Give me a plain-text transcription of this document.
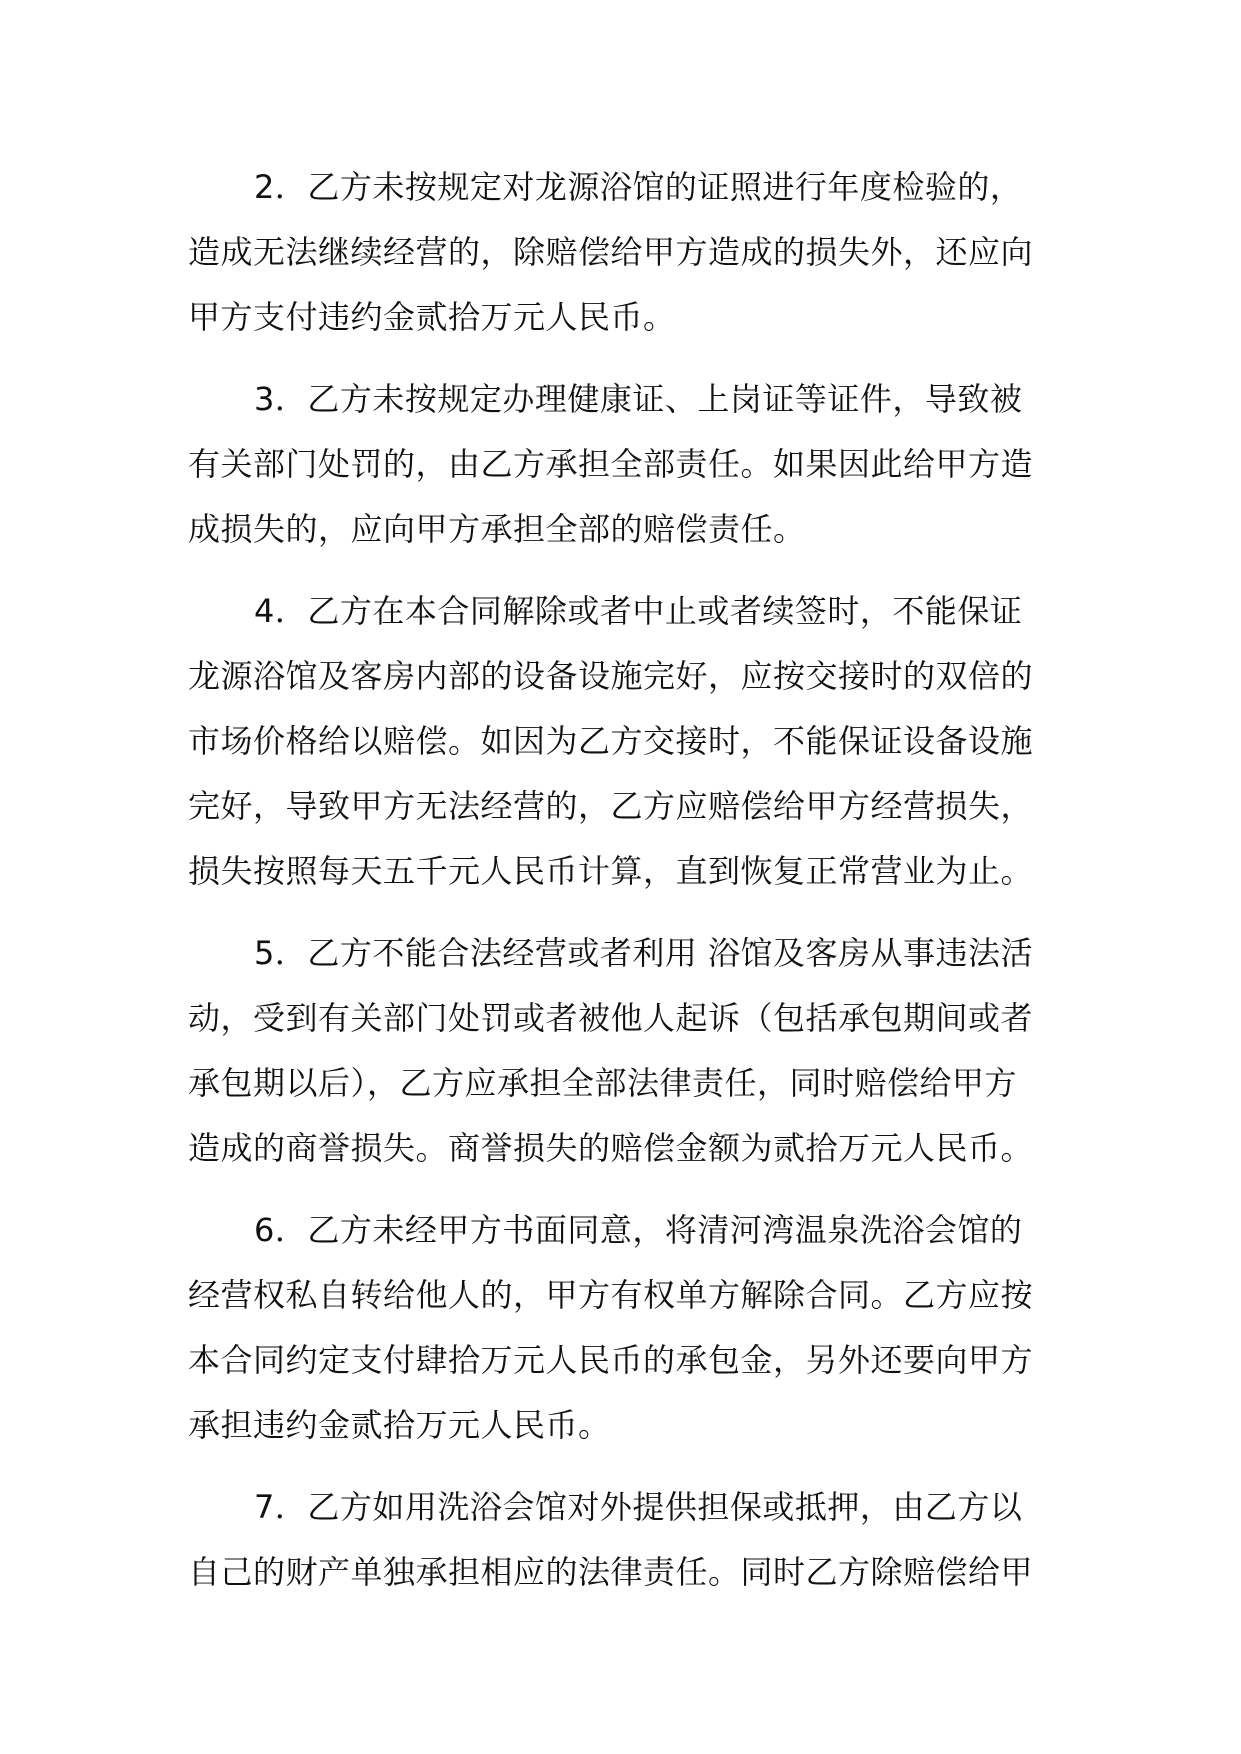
2．乙方未按规定对龙源浴馆的证照进行年度检验的，
造成无法继续经营的，除赔偿给甲方造成的损失外，还应向
甲方支付违约金贰拾万元人民币。
3．乙方未按规定办理健康证、上岗证等证件，导致被
有关部门处罚的，由乙方承担全部责任。如果因此给甲方造
成损失的，应向甲方承担全部的赔偿责任。
4．乙方在本合同解除或者中止或者续签时，不能保证
龙源浴馆及客房内部的设备设施完好，应按交接时的双倍的
市场价格给以赔偿。如因为乙方交接时，不能保证设备设施
完好，导致甲方无法经营的，乙方应赔偿给甲方经营损失，
损失按照每天五千元人民币计算，直到恢复正常营业为止。
5．乙方不能合法经营或者利用 浴馆及客房从事违法活
动，受到有关部门处罚或者被他人起诉（包括承包期间或者
承包期以后），乙方应承担全部法律责任，同时赔偿给甲方
造成的商誉损失。商誉损失的赔偿金额为贰拾万元人民币。
6．乙方未经甲方书面同意，将清河湾温泉洗浴会馆的
经营权私自转给他人的，甲方有权单方解除合同。乙方应按
本合同约定支付肆拾万元人民币的承包金，另外还要向甲方
承担违约金贰拾万元人民币。
7．乙方如用洗浴会馆对外提供担保或抵押，由乙方以
自己的财产单独承担相应的法律责任。同时乙方除赔偿给甲
